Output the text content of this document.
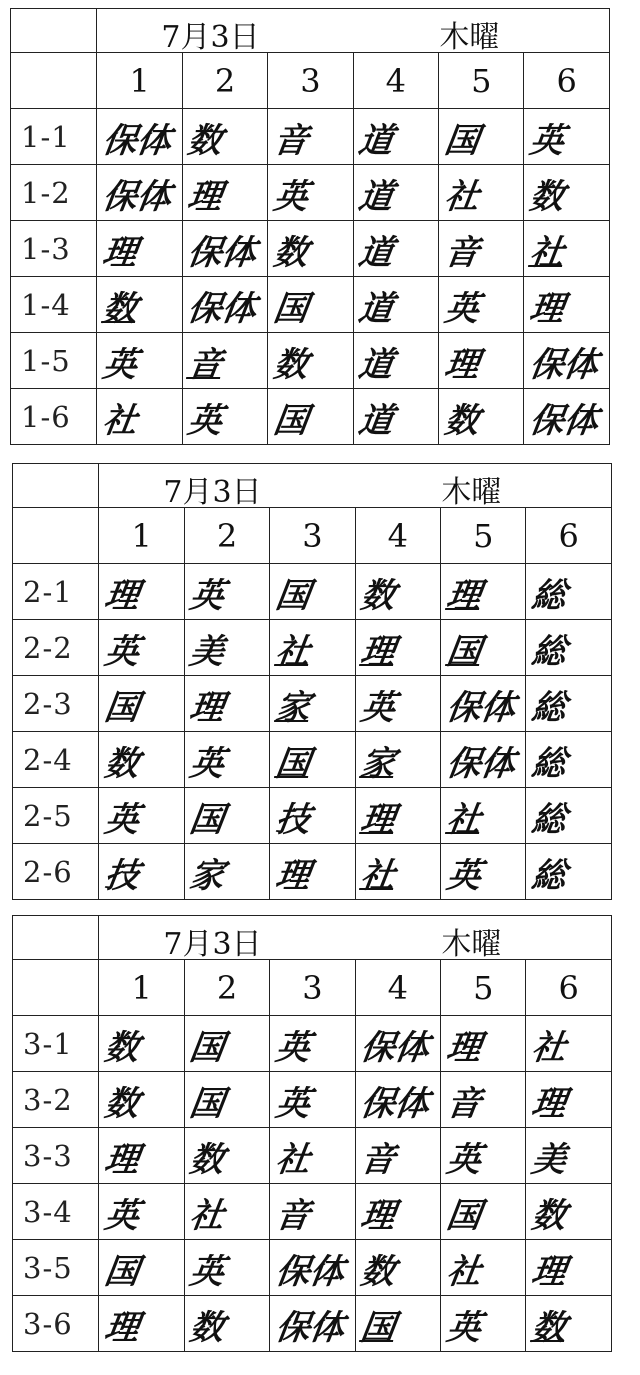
	7月3日 木曜					

	1	2	3	4	5	6
1-1	保体	数	音	道	国	英
1-2	保体	理	英	道	社	数
1-3	理	保体	数	道	音	社
1-4	数	保体	国	道	英	理
1-5	英	音	数	道	理	保体
1-6	社	英	国	道	数	保体

	7月3日 木曜					

	1	2	3	4	5	6
2-1	理	英	国	数	理	総
2-2	英	美	社	理	国	総
2-3	国	理	家	英	保体	総
2-4	数	英	国	家	保体	総
2-5	英	国	技	理	社	総
2-6	技	家	理	社	英	総

	7月3日 木曜					

	1	2	3	4	5	6
3-1	数	国	英	保体	理	社
3-2	数	国	英	保体	音	理
3-3	理	数	社	音	英	美
3-4	英	社	音	理	国	数
3-5	国	英	保体	数	社	理
3-6	理	数	保体	国	英	数
